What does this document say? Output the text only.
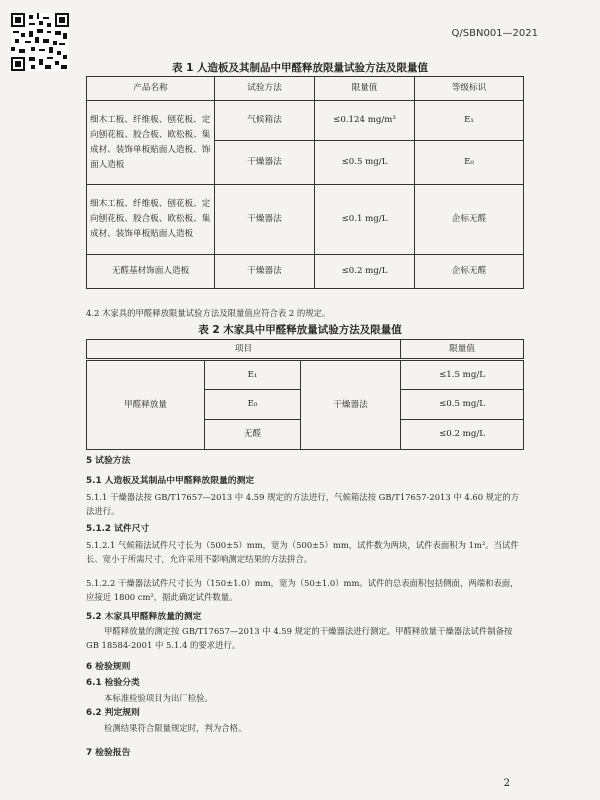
Q/SBN001—2021
表 1 人造板及其制品中甲醛释放限量试验方法及限量值
产品名称	试验方法	限量值	等级标识
细木工板、纤维板、刨花板、定向刨花板、胶合板、欧松板、集成材、装饰单板贴面人造板、饰面人造板	气候箱法	≤0.124 mg/m³	E₁
	干燥器法	≤0.5 mg/L	E₀
细木工板、纤维板、刨花板、定向刨花板、胶合板、欧松板、集成材、装饰单板贴面人造板	干燥器法	≤0.1 mg/L	企标无醛
无醛基材饰面人造板	干燥器法	≤0.2 mg/L	企标无醛
4.2 木家具的甲醛释放限量试验方法及限量值应符合表 2 的规定。
表 2 木家具中甲醛释放量试验方法及限量值
项目			限量值
甲醛释放量	E₁	干燥器法	≤1.5 mg/L
	E₀		≤0.5 mg/L
	无醛		≤0.2 mg/L
5 试验方法
5.1 人造板及其制品中甲醛释放限量的测定
5.1.1 干燥器法按 GB/T17657—2013 中 4.59 规定的方法进行，气候箱法按 GB/T17657-2013 中 4.60 规定的方法进行。
5.1.2 试件尺寸
5.1.2.1 气候箱法试件尺寸长为（500±5）mm，宽为（500±5）mm，试件数为两块，试件表面积为 1m²。当试件长、宽小于所需尺寸，允许采用不影响测定结果的方法拼合。
5.1.2.2 干燥器法试件尺寸长为（150±1.0）mm，宽为（50±1.0）mm。试件的总表面积包括侧面，两端和表面，应接近 1800 cm²，据此确定试件数量。
5.2 木家具甲醛释放量的测定
甲醛释放量的测定按 GB/T17657—2013 中 4.59 规定的干燥器法进行测定。甲醛释放量干燥器法试件制备按 GB 18584-2001 中 5.1.4 的要求进行。
6 检验规则
6.1 检验分类
本标准检验项目为出厂检验。
6.2 判定规则
检测结果符合限量规定时，判为合格。
7 检验报告
2
